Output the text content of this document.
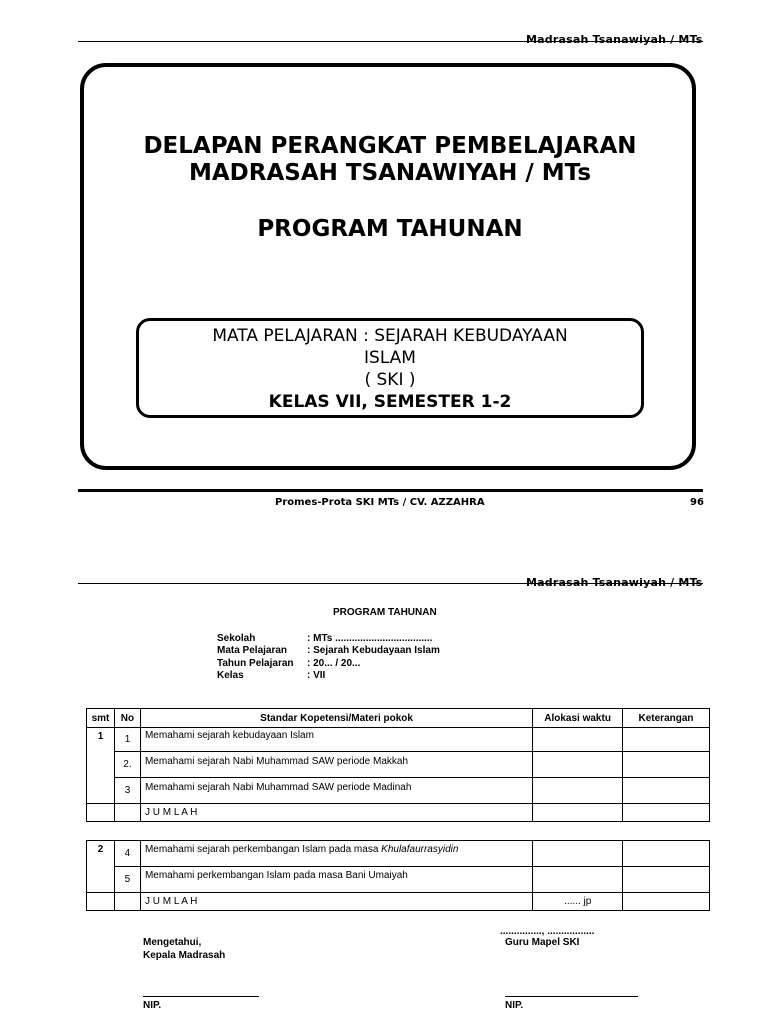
Madrasah Tsanawiyah / MTs
DELAPAN PERANGKAT PEMBELAJARAN
MADRASAH TSANAWIYAH / MTs
PROGRAM TAHUNAN
MATA PELAJARAN : SEJARAH KEBUDAYAAN
ISLAM
( SKI )
KELAS VII, SEMESTER 1-2
Promes-Prota SKI MTs / CV. AZZAHRA	96
Madrasah Tsanawiyah / MTs
PROGRAM TAHUNAN
Sekolah	: MTs ...................................
Mata Pelajaran : Sejarah Kebudayaan Islam
Tahun Pelajaran : 20... / 20...
Kelas	: VII
smt	No	Standar Kopetensi/Materi pokok	Alokasi waktu	Keterangan
1	1	Memahami sejarah kebudayaan Islam		
	2.	Memahami sejarah Nabi Muhammad SAW periode Makkah		
	3	Memahami sejarah Nabi Muhammad SAW periode Madinah		
		J U M L A H		
2	4	Memahami sejarah perkembangan Islam pada masa Khulafaurrasyidin		
	5	Memahami perkembangan Islam pada masa Bani Umaiyah		
		J U M L A H	...... jp	
..............., .................
Mengetahui,	Guru Mapel SKI
Kepala Madrasah
NIP.	NIP.
